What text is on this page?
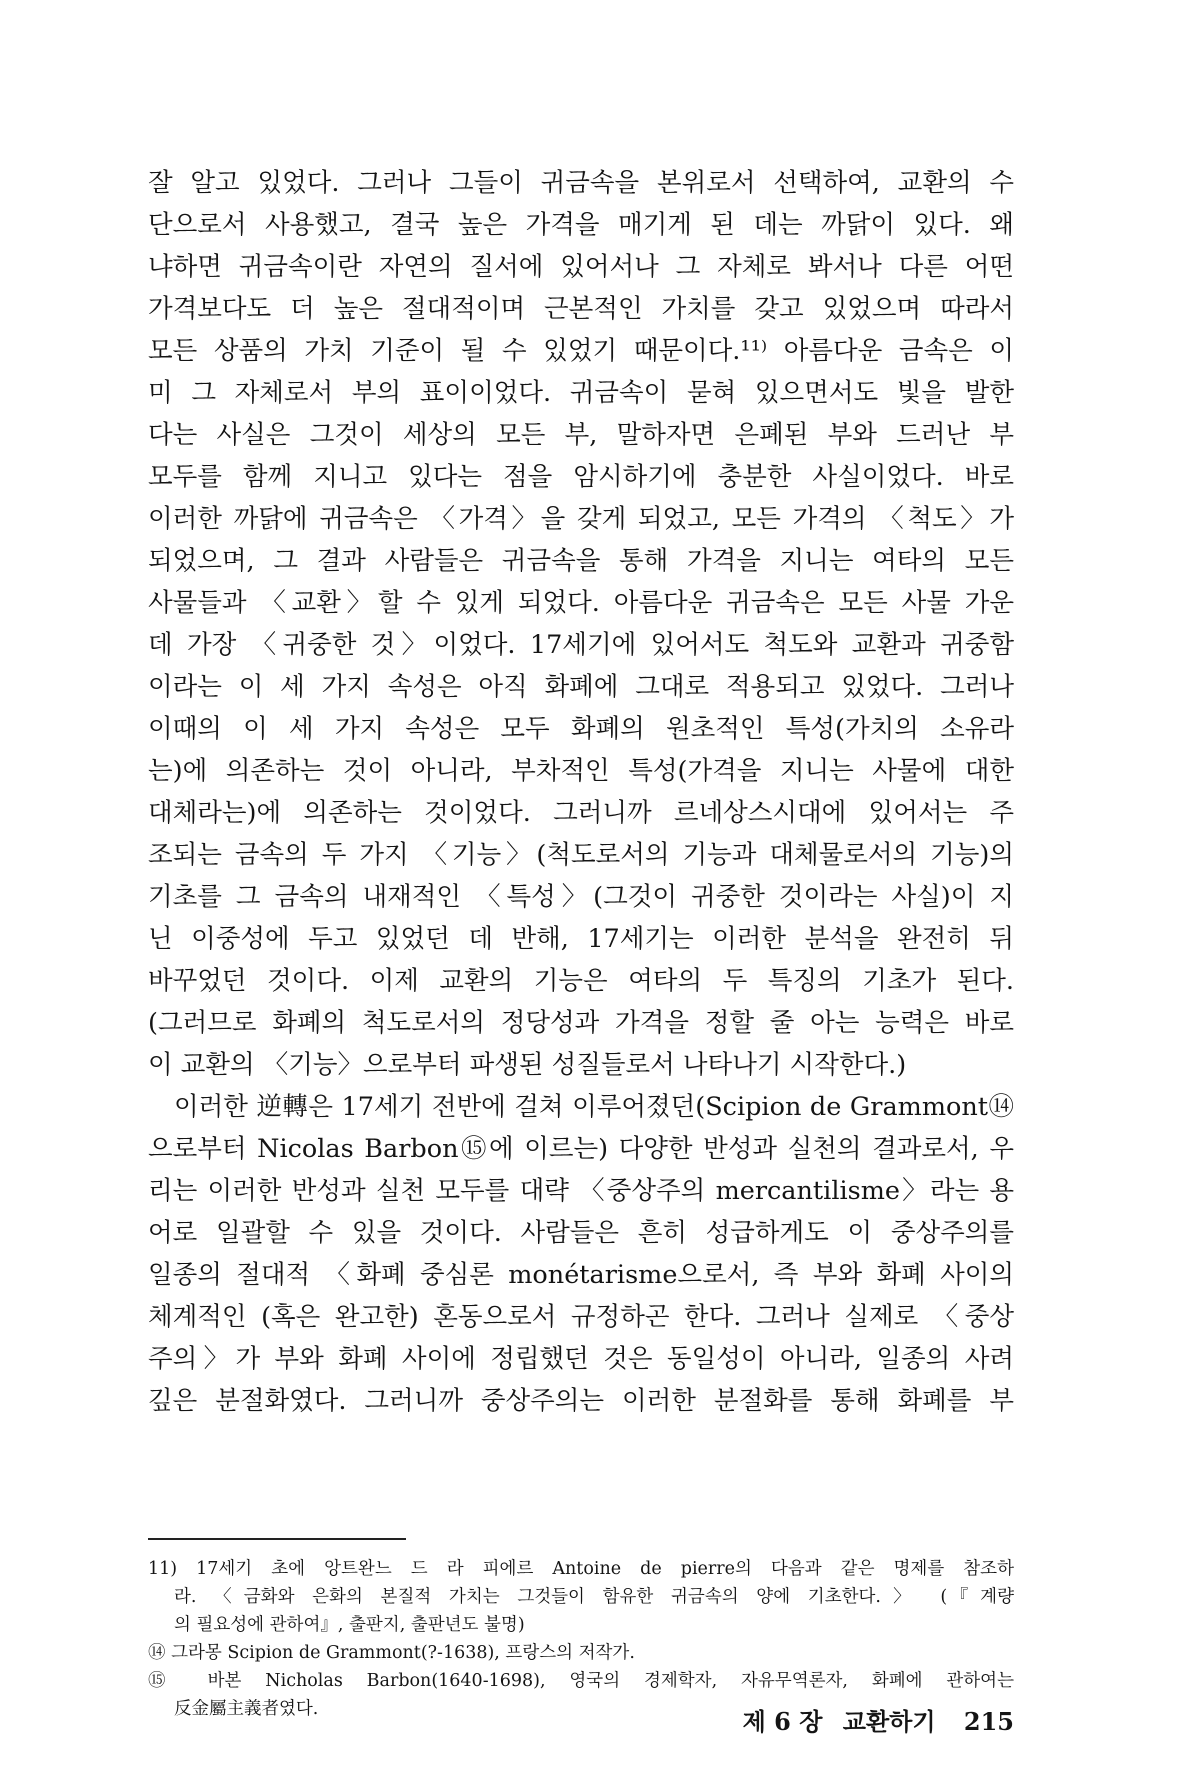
잘 알고 있었다. 그러나 그들이 귀금속을 본위로서 선택하여, 교환의 수
단으로서 사용했고, 결국 높은 가격을 매기게 된 데는 까닭이 있다. 왜
냐하면 귀금속이란 자연의 질서에 있어서나 그 자체로 봐서나 다른 어떤
가격보다도 더 높은 절대적이며 근본적인 가치를 갖고 있었으며 따라서
모든 상품의 가치 기준이 될 수 있었기 때문이다.¹¹⁾ 아름다운 금속은 이
미 그 자체로서 부의 표이이었다. 귀금속이 묻혀 있으면서도 빛을 발한
다는 사실은 그것이 세상의 모든 부, 말하자면 은폐된 부와 드러난 부
모두를 함께 지니고 있다는 점을 암시하기에 충분한 사실이었다. 바로
이러한 까닭에 귀금속은 〈가격〉을 갖게 되었고, 모든 가격의 〈척도〉가
되었으며, 그 결과 사람들은 귀금속을 통해 가격을 지니는 여타의 모든
사물들과 〈교환〉할 수 있게 되었다. 아름다운 귀금속은 모든 사물 가운
데 가장 〈귀중한 것〉이었다. 17세기에 있어서도 척도와 교환과 귀중함
이라는 이 세 가지 속성은 아직 화폐에 그대로 적용되고 있었다. 그러나
이때의 이 세 가지 속성은 모두 화폐의 원초적인 특성(가치의 소유라
는)에 의존하는 것이 아니라, 부차적인 특성(가격을 지니는 사물에 대한
대체라는)에 의존하는 것이었다. 그러니까 르네상스시대에 있어서는 주
조되는 금속의 두 가지 〈기능〉(척도로서의 기능과 대체물로서의 기능)의
기초를 그 금속의 내재적인 〈특성〉(그것이 귀중한 것이라는 사실)이 지
닌 이중성에 두고 있었던 데 반해, 17세기는 이러한 분석을 완전히 뒤
바꾸었던 것이다. 이제 교환의 기능은 여타의 두 특징의 기초가 된다.
(그러므로 화폐의 척도로서의 정당성과 가격을 정할 줄 아는 능력은 바로
이 교환의 〈기능〉으로부터 파생된 성질들로서 나타나기 시작한다.)
이러한 逆轉은 17세기 전반에 걸쳐 이루어졌던(Scipion de Grammont⑭
으로부터 Nicolas Barbon⑮에 이르는) 다양한 반성과 실천의 결과로서, 우
리는 이러한 반성과 실천 모두를 대략 〈중상주의 mercantilisme〉라는 용
어로 일괄할 수 있을 것이다. 사람들은 흔히 성급하게도 이 중상주의를
일종의 절대적 〈화폐 중심론 monétarisme으로서, 즉 부와 화폐 사이의
체계적인 (혹은 완고한) 혼동으로서 규정하곤 한다. 그러나 실제로 〈중상
주의〉가 부와 화폐 사이에 정립했던 것은 동일성이 아니라, 일종의 사려
깊은 분절화였다. 그러니까 중상주의는 이러한 분절화를 통해 화폐를 부
11) 17세기 초에 앙트완느 드 라 피에르 Antoine de pierre의 다음과 같은 명제를 참조하
라. 〈금화와 은화의 본질적 가치는 그것들이 함유한 귀금속의 양에 기초한다.〉 (『계량
의 필요성에 관하여』, 출판지, 출판년도 불명)
⑭ 그라몽 Scipion de Grammont(?-1638), 프랑스의 저작가.
⑮ 바본 Nicholas Barbon(1640-1698), 영국의 경제학자, 자유무역론자, 화폐에 관하여는
反金屬主義者였다.	제 6 장 교환하기 215
